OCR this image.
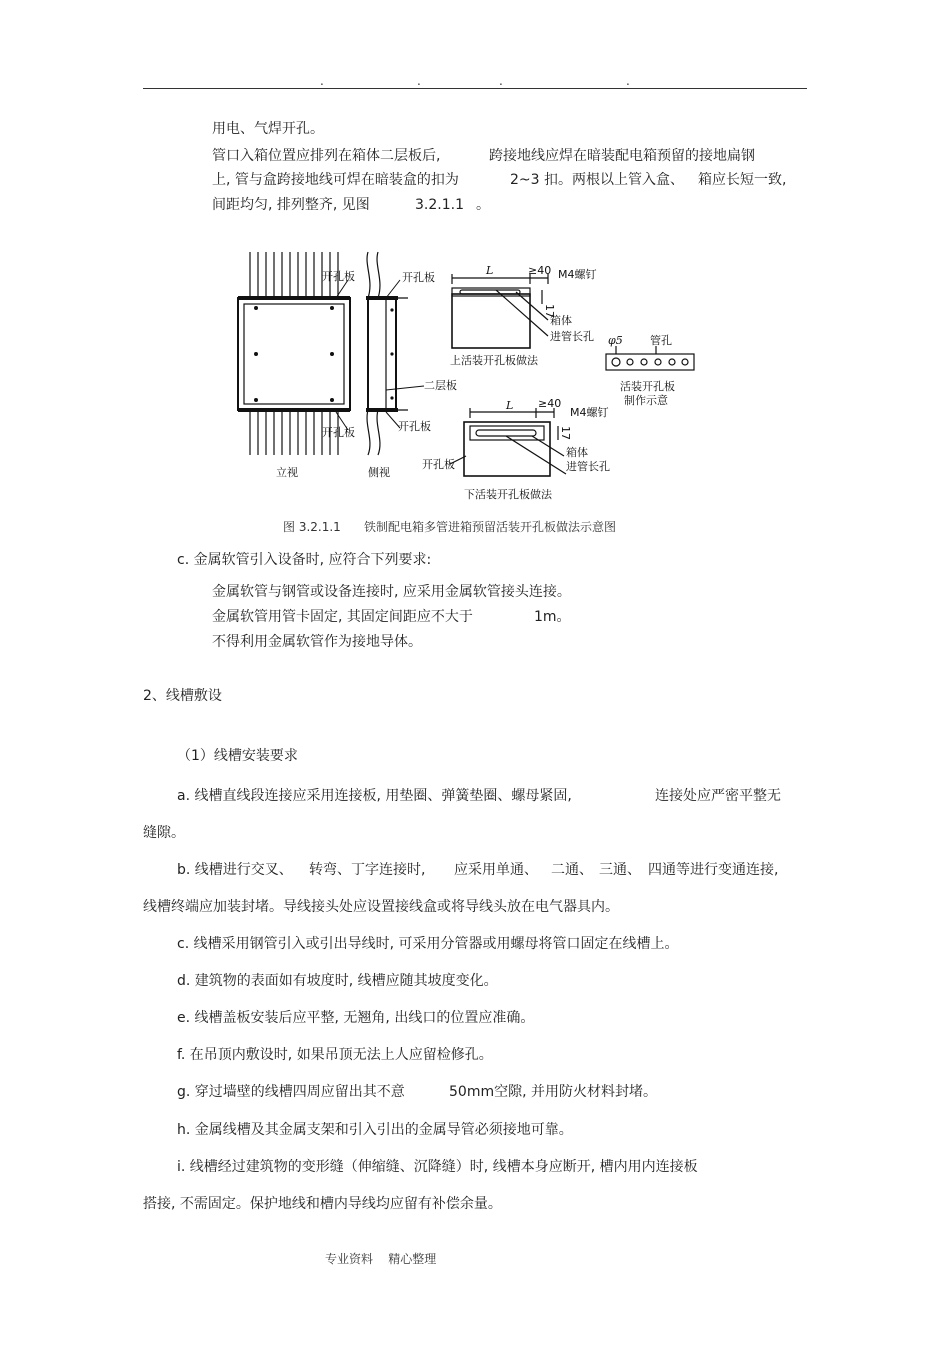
.	.	.	.
用电、气焊开孔。
管口入箱位置应排列在箱体二层板后,	跨接地线应焊在暗装配电箱预留的接地扁钢
上, 管与盒跨接地线可焊在暗装盒的扣为	2~3 扣。两根以上管入盒、 箱应长短一致,
间距均匀, 排列整齐, 见图	3.2.1.1 。
开孔板
开孔板
立视
开孔板
二层板
开孔板
侧视
L	≥40 M4螺钉
17
箱体
进管长孔
上活装开孔板做法
φ5 管孔
活装开孔板
制作示意
L ≥40
M4螺钉
17
箱体
进管长孔
开孔板
下活装开孔板做法
图 3.2.1.1 铁制配电箱多管进箱预留活装开孔板做法示意图
c. 金属软管引入设备时, 应符合下列要求:
金属软管与钢管或设备连接时, 应采用金属软管接头连接。
金属软管用管卡固定, 其固定间距应不大于	1m。
不得利用金属软管作为接地导体。
2、线槽敷设
（1）线槽安装要求
a. 线槽直线段连接应采用连接板, 用垫圈、弹簧垫圈、螺母紧固,	连接处应严密平整无
缝隙。
b. 线槽进行交叉、 转弯、丁字连接时, 应采用单通、 二通、 三通、 四通等进行变通连接,
线槽终端应加装封堵。导线接头处应设置接线盒或将导线头放在电气器具内。
c. 线槽采用钢管引入或引出导线时, 可采用分管器或用螺母将管口固定在线槽上。
d. 建筑物的表面如有坡度时, 线槽应随其坡度变化。
e. 线槽盖板安装后应平整, 无翘角, 出线口的位置应准确。
f. 在吊顶内敷设时, 如果吊顶无法上人应留检修孔。
g. 穿过墙壁的线槽四周应留出其不意	50mm空隙, 并用防火材料封堵。
h. 金属线槽及其金属支架和引入引出的金属导管必须接地可靠。
i. 线槽经过建筑物的变形缝（伸缩缝、沉降缝）时, 线槽本身应断开, 槽内用内连接板
搭接, 不需固定。保护地线和槽内导线均应留有补偿余量。
专业资料    精心整理
